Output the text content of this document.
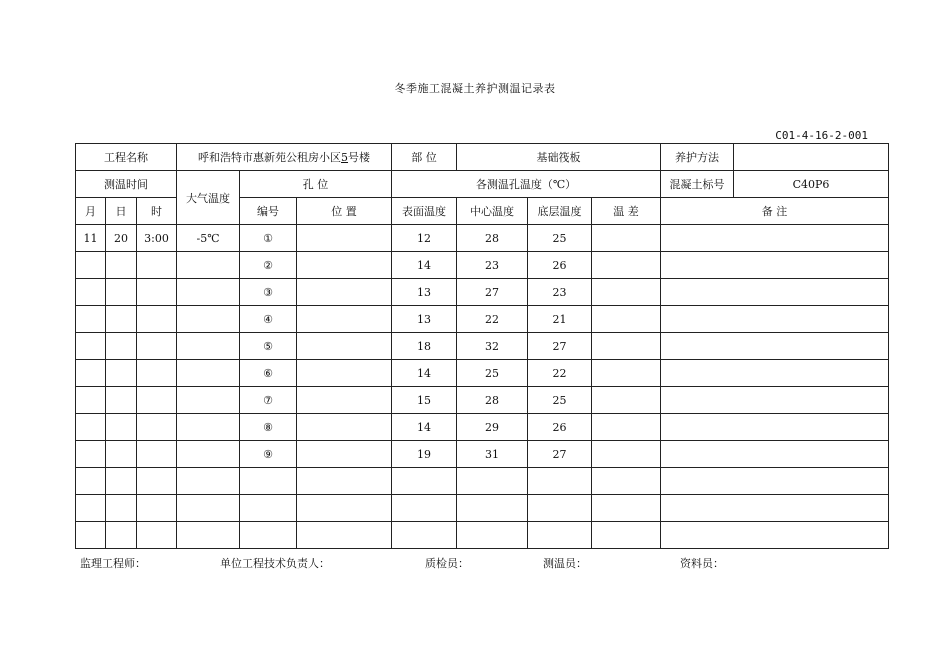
冬季施工混凝土养护测温记录表
C01-4-16-2-001
工程名称			呼和浩特市惠新苑公租房小区5号楼			部 位	基础筏板			养护方法	
测温时间			大气温度	孔 位		各测温孔温度（℃）				混凝土标号	C40P6
月	日	时		编号	位 置	表面温度	中心温度	底层温度	温 差	备 注	
11	20	3:00	-5℃	①		12	28	25			
				②		14	23	26			
				③		13	27	23			
				④		13	22	21			
				⑤		18	32	27			
				⑥		14	25	22			
				⑦		15	28	25			
				⑧		14	29	26			
				⑨		19	31	27			

监理工程师：	单位工程技术负责人：	质检员：	测温员：	资料员：
